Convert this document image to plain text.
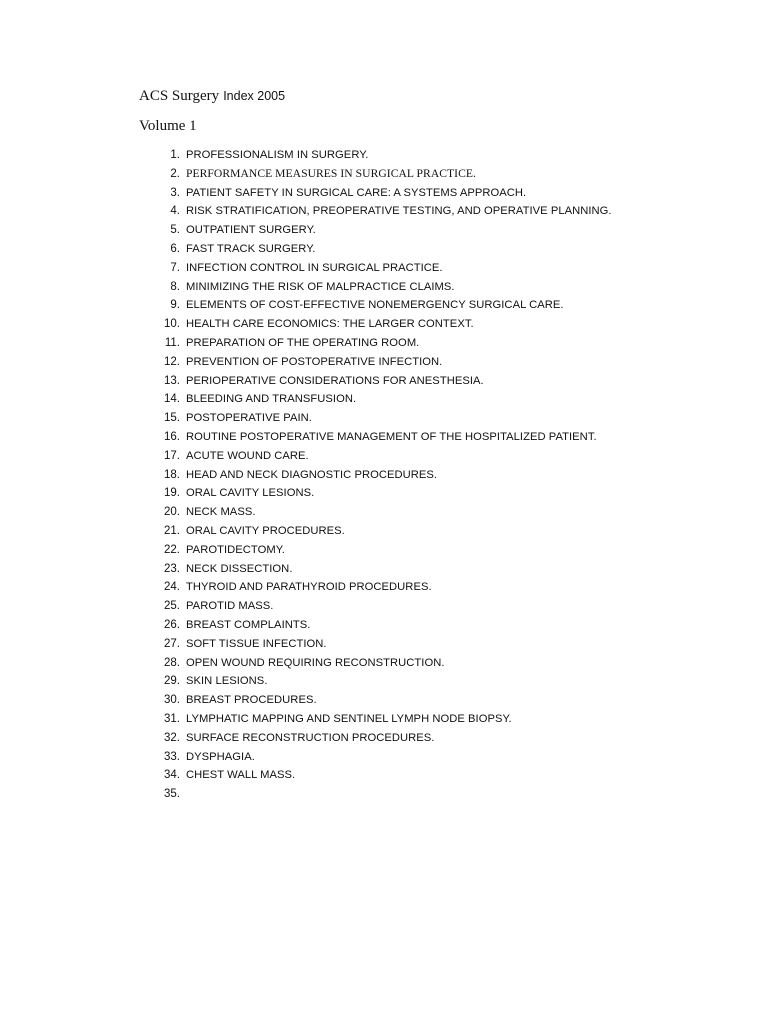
ACS Surgery Index 2005
Volume 1
1. PROFESSIONALISM IN SURGERY.
2. PERFORMANCE MEASURES IN SURGICAL PRACTICE.
3. PATIENT SAFETY IN SURGICAL CARE: A SYSTEMS APPROACH.
4. RISK STRATIFICATION, PREOPERATIVE TESTING, AND OPERATIVE PLANNING.
5. OUTPATIENT SURGERY.
6. FAST TRACK SURGERY.
7. INFECTION CONTROL IN SURGICAL PRACTICE.
8. MINIMIZING THE RISK OF MALPRACTICE CLAIMS.
9. ELEMENTS OF COST-EFFECTIVE NONEMERGENCY SURGICAL CARE.
10. HEALTH CARE ECONOMICS: THE LARGER CONTEXT.
11. PREPARATION OF THE OPERATING ROOM.
12. PREVENTION OF POSTOPERATIVE INFECTION.
13. PERIOPERATIVE CONSIDERATIONS FOR ANESTHESIA.
14. BLEEDING AND TRANSFUSION.
15. POSTOPERATIVE PAIN.
16. ROUTINE POSTOPERATIVE MANAGEMENT OF THE HOSPITALIZED PATIENT.
17. ACUTE WOUND CARE.
18. HEAD AND NECK DIAGNOSTIC PROCEDURES.
19. ORAL CAVITY LESIONS.
20. NECK MASS.
21. ORAL CAVITY PROCEDURES.
22. PAROTIDECTOMY.
23. NECK DISSECTION.
24. THYROID AND PARATHYROID PROCEDURES.
25. PAROTID MASS.
26. BREAST COMPLAINTS.
27. SOFT TISSUE INFECTION.
28. OPEN WOUND REQUIRING RECONSTRUCTION.
29. SKIN LESIONS.
30. BREAST PROCEDURES.
31. LYMPHATIC MAPPING AND SENTINEL LYMPH NODE BIOPSY.
32. SURFACE RECONSTRUCTION PROCEDURES.
33. DYSPHAGIA.
34. CHEST WALL MASS.
35.
